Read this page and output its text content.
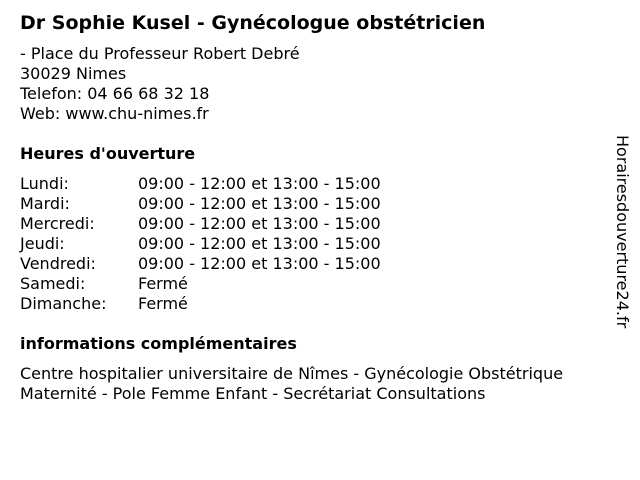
Dr Sophie Kusel - Gynécologue obstétricien
- Place du Professeur Robert Debré
30029 Nimes
Telefon: 04 66 68 32 18
Web: www.chu-nimes.fr
Heures d'ouverture
Lundi:	09:00 - 12:00 et 13:00 - 15:00
Mardi:	09:00 - 12:00 et 13:00 - 15:00
Mercredi:	09:00 - 12:00 et 13:00 - 15:00
Jeudi:	09:00 - 12:00 et 13:00 - 15:00
Vendredi:	09:00 - 12:00 et 13:00 - 15:00
Samedi:	Fermé
Dimanche: Fermé
informations complémentaires
Centre hospitalier universitaire de Nîmes - Gynécologie Obstétrique
Maternité - Pole Femme Enfant - Secrétariat Consultations
Horairesdouverture24.fr
